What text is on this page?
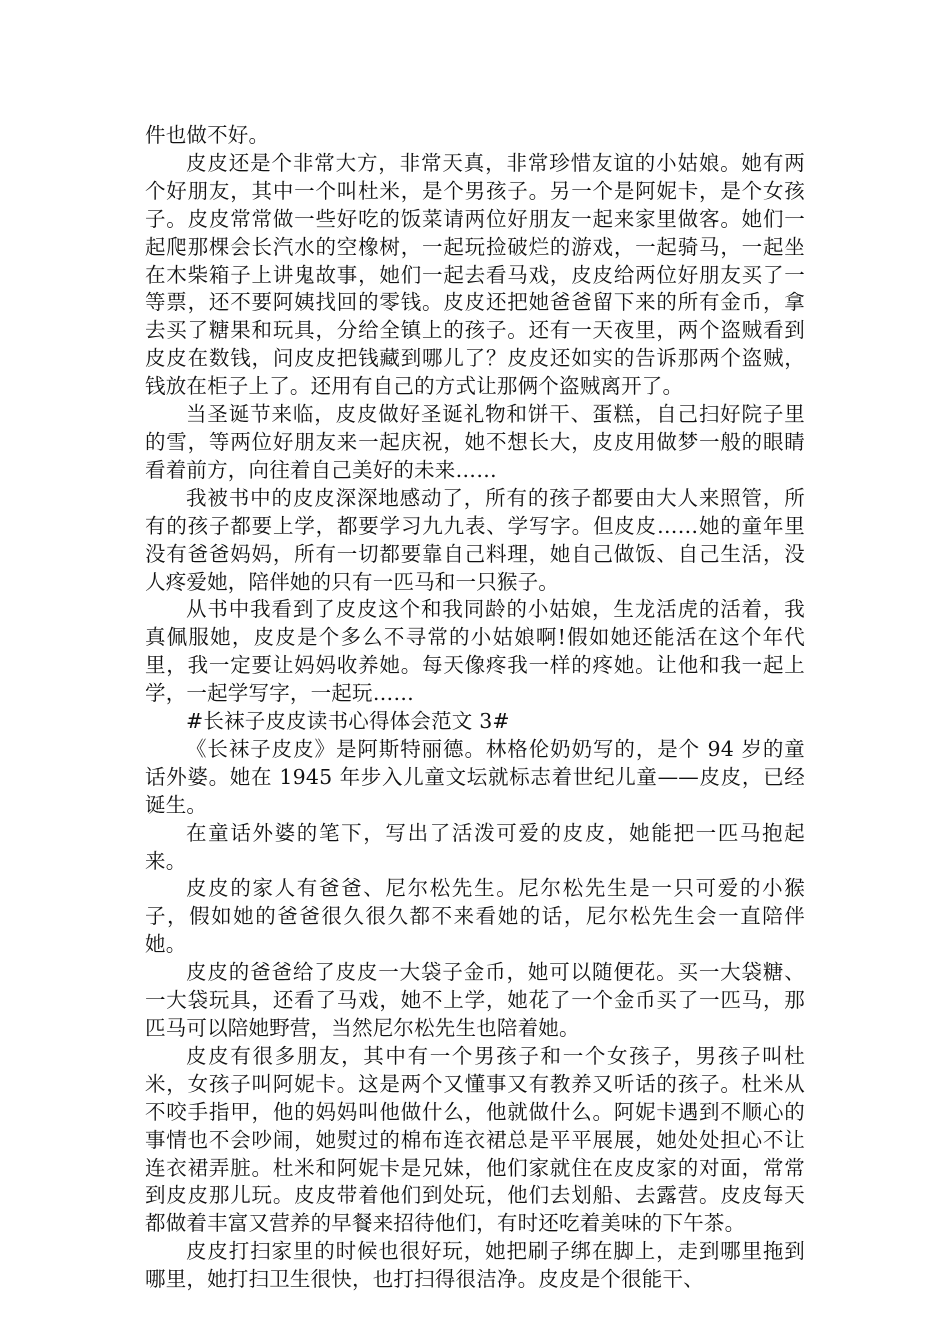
件也做不好。

皮皮还是个非常大方，非常天真，非常珍惜友谊的小姑娘。她有两个好朋友，其中一个叫杜米，是个男孩子。另一个是阿妮卡，是个女孩子。皮皮常常做一些好吃的饭菜请两位好朋友一起来家里做客。她们一起爬那棵会长汽水的空橡树，一起玩捡破烂的游戏，一起骑马，一起坐在木柴箱子上讲鬼故事，她们一起去看马戏，皮皮给两位好朋友买了一等票，还不要阿姨找回的零钱。皮皮还把她爸爸留下来的所有金币，拿去买了糖果和玩具，分给全镇上的孩子。还有一天夜里，两个盗贼看到皮皮在数钱，问皮皮把钱藏到哪儿了？皮皮还如实的告诉那两个盗贼，钱放在柜子上了。还用有自己的方式让那俩个盗贼离开了。

当圣诞节来临，皮皮做好圣诞礼物和饼干、蛋糕，自己扫好院子里的雪，等两位好朋友来一起庆祝，她不想长大，皮皮用做梦一般的眼睛看着前方，向往着自己美好的未来……

我被书中的皮皮深深地感动了，所有的孩子都要由大人来照管，所有的孩子都要上学，都要学习九九表、学写字。但皮皮……她的童年里没有爸爸妈妈，所有一切都要靠自己料理，她自己做饭、自己生活，没人疼爱她，陪伴她的只有一匹马和一只猴子。

从书中我看到了皮皮这个和我同龄的小姑娘，生龙活虎的活着，我真佩服她，皮皮是个多么不寻常的小姑娘啊!假如她还能活在这个年代里，我一定要让妈妈收养她。每天像疼我一样的疼她。让他和我一起上学，一起学写字，一起玩……

#长袜子皮皮读书心得体会范文 3#

《长袜子皮皮》是阿斯特丽德。林格伦奶奶写的，是个 94 岁的童话外婆。她在 1945 年步入儿童文坛就标志着世纪儿童——皮皮，已经诞生。

在童话外婆的笔下，写出了活泼可爱的皮皮，她能把一匹马抱起来。

皮皮的家人有爸爸、尼尔松先生。尼尔松先生是一只可爱的小猴子，假如她的爸爸很久很久都不来看她的话，尼尔松先生会一直陪伴她。

皮皮的爸爸给了皮皮一大袋子金币，她可以随便花。买一大袋糖、一大袋玩具，还看了马戏，她不上学，她花了一个金币买了一匹马，那匹马可以陪她野营，当然尼尔松先生也陪着她。

皮皮有很多朋友，其中有一个男孩子和一个女孩子，男孩子叫杜米，女孩子叫阿妮卡。这是两个又懂事又有教养又听话的孩子。杜米从不咬手指甲，他的妈妈叫他做什么，他就做什么。阿妮卡遇到不顺心的事情也不会吵闹，她熨过的棉布连衣裙总是平平展展，她处处担心不让连衣裙弄脏。杜米和阿妮卡是兄妹，他们家就住在皮皮家的对面，常常到皮皮那儿玩。皮皮带着他们到处玩，他们去划船、去露营。皮皮每天都做着丰富又营养的早餐来招待他们，有时还吃着美味的下午茶。

皮皮打扫家里的时候也很好玩，她把刷子绑在脚上，走到哪里拖到哪里，她打扫卫生很快，也打扫得很洁净。皮皮是个很能干、
